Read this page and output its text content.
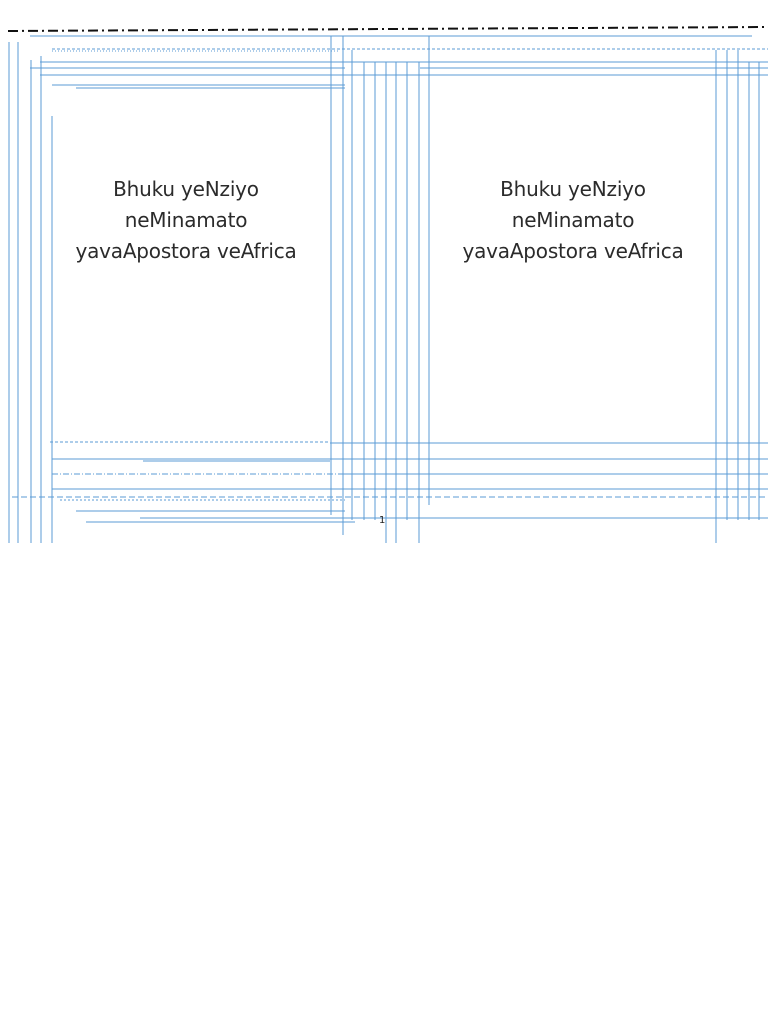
Bhuku yeNziyo
neMinamato
yavaApostora veAfrica
Bhuku yeNziyo
neMinamato
yavaApostora veAfrica
1
